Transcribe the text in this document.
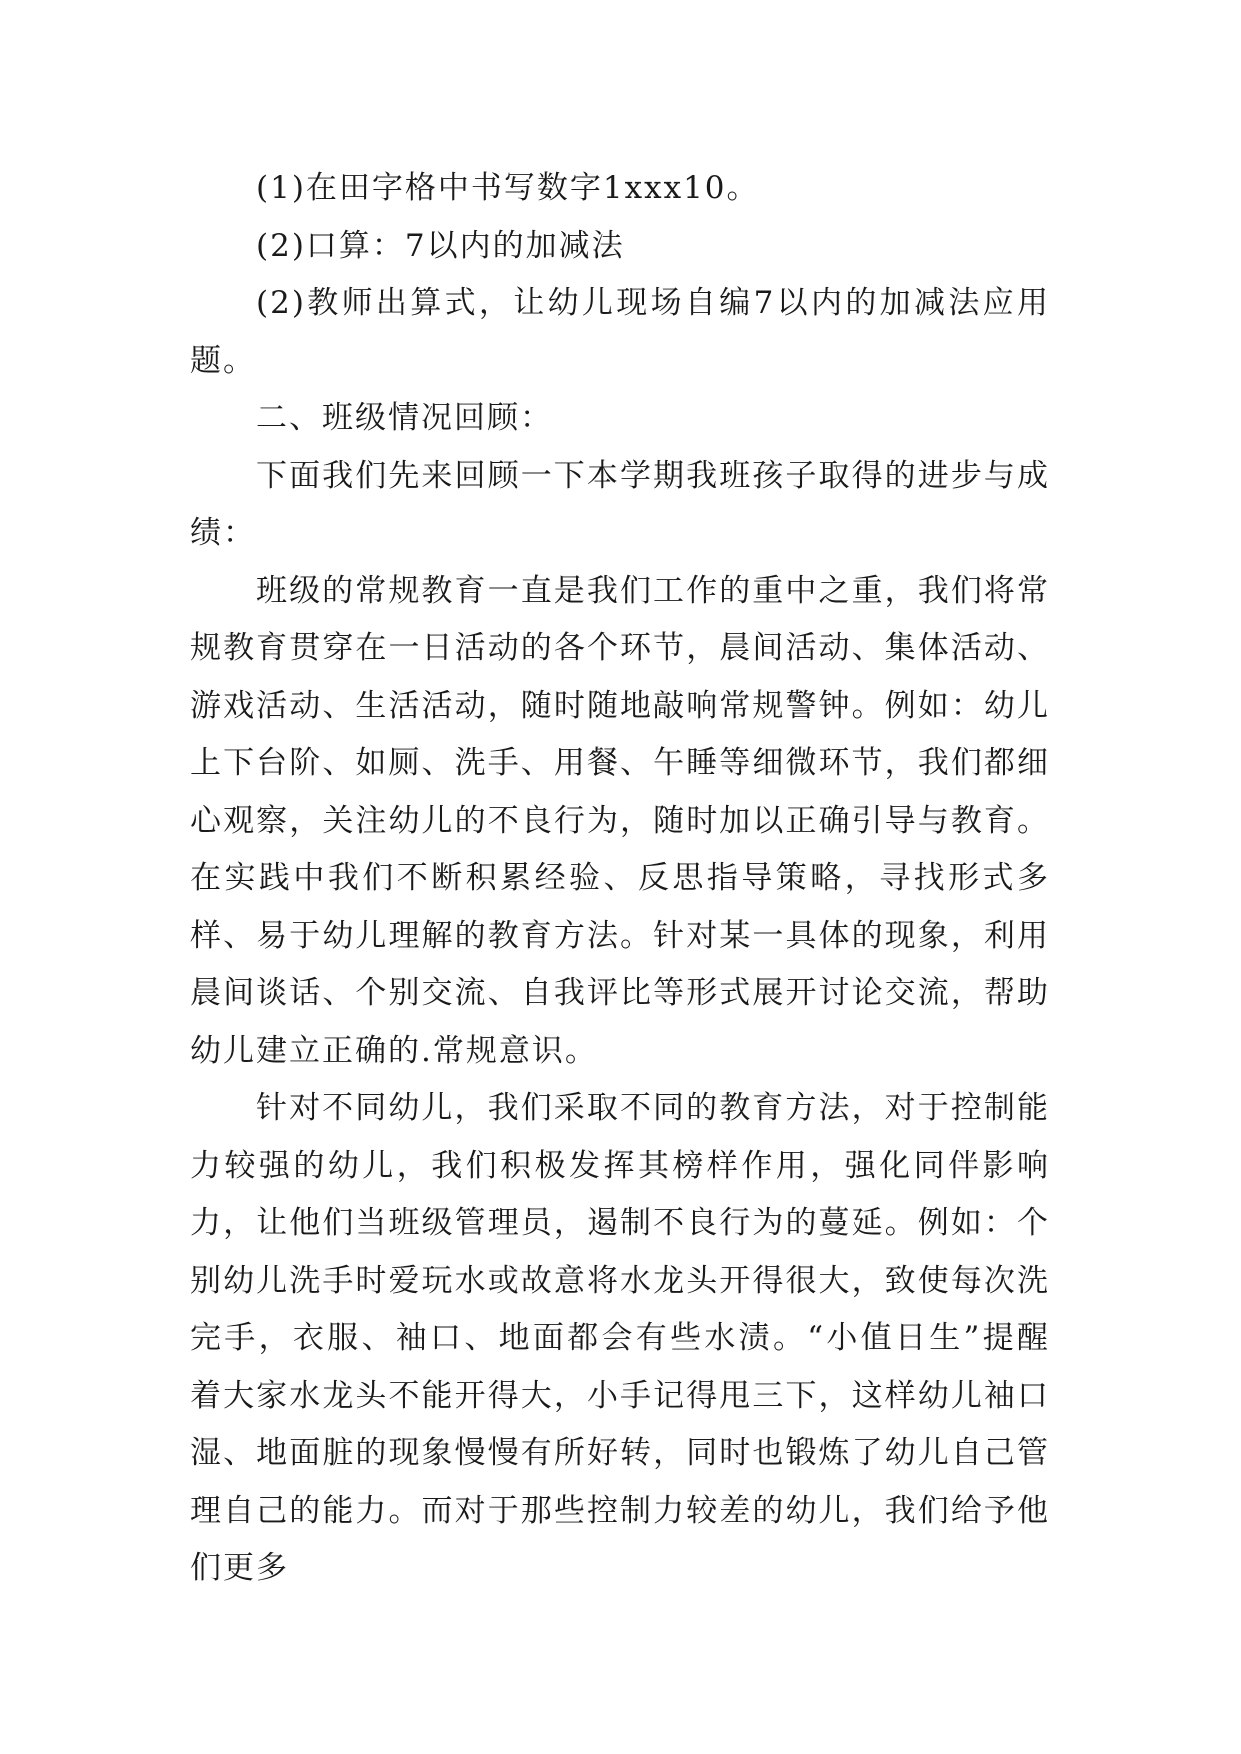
(1)在田字格中书写数字1xxx10。

(2)口算：7以内的加减法

(2)教师出算式，让幼儿现场自编7以内的加减法应用题。

二、班级情况回顾：

下面我们先来回顾一下本学期我班孩子取得的进步与成绩：

班级的常规教育一直是我们工作的重中之重，我们将常规教育贯穿在一日活动的各个环节，晨间活动、集体活动、游戏活动、生活活动，随时随地敲响常规警钟。例如：幼儿上下台阶、如厕、洗手、用餐、午睡等细微环节，我们都细心观察，关注幼儿的不良行为，随时加以正确引导与教育。在实践中我们不断积累经验、反思指导策略，寻找形式多样、易于幼儿理解的教育方法。针对某一具体的现象，利用晨间谈话、个别交流、自我评比等形式展开讨论交流，帮助幼儿建立正确的.常规意识。

针对不同幼儿，我们采取不同的教育方法，对于控制能力较强的幼儿，我们积极发挥其榜样作用，强化同伴影响力，让他们当班级管理员，遏制不良行为的蔓延。例如：个别幼儿洗手时爱玩水或故意将水龙头开得很大，致使每次洗完手，衣服、袖口、地面都会有些水渍。“小值日生”提醒着大家水龙头不能开得大，小手记得甩三下，这样幼儿袖口湿、地面脏的现象慢慢有所好转，同时也锻炼了幼儿自己管理自己的能力。而对于那些控制力较差的幼儿，我们给予他们更多
